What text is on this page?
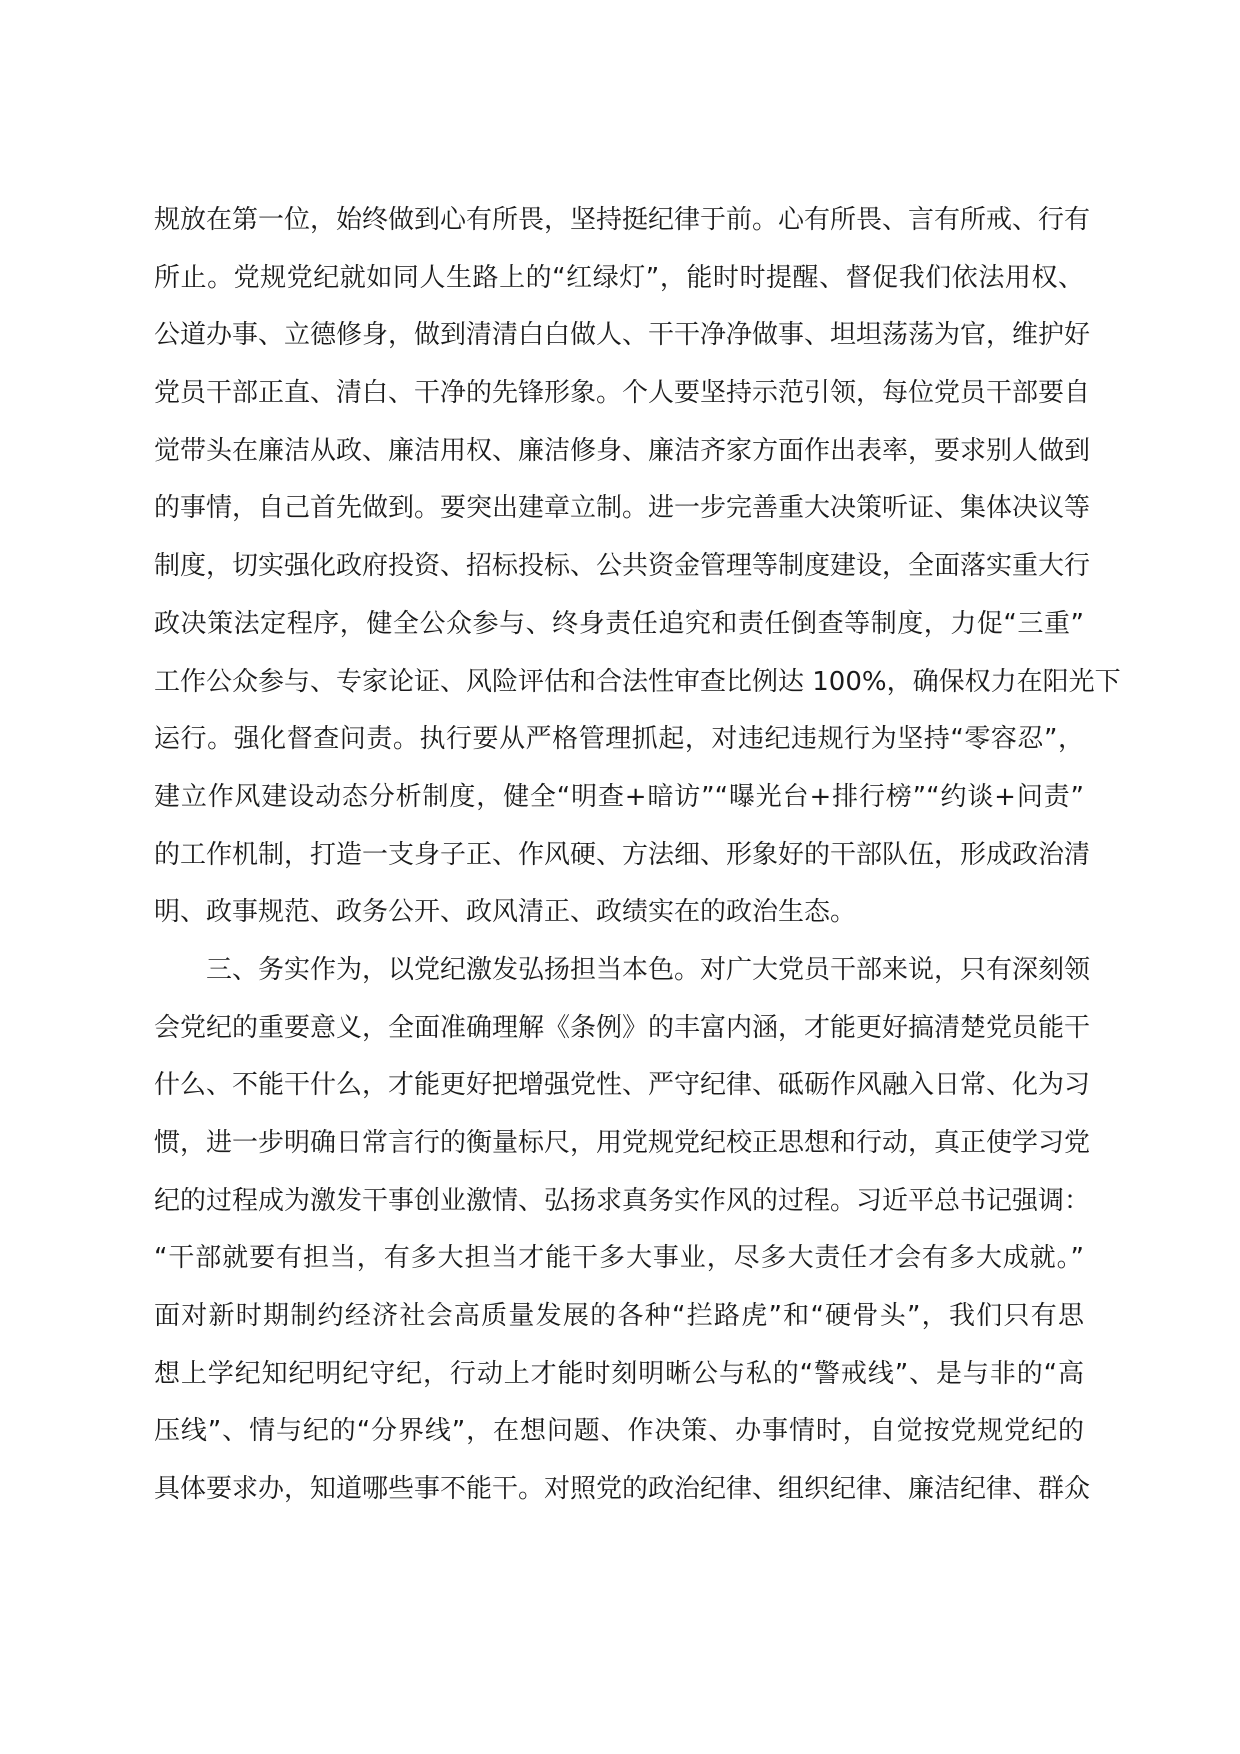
规放在第一位，始终做到心有所畏，坚持挺纪律于前。心有所畏、言有所戒、行有
所止。党规党纪就如同人生路上的“红绿灯”，能时时提醒、督促我们依法用权、
公道办事、立德修身，做到清清白白做人、干干净净做事、坦坦荡荡为官，维护好
党员干部正直、清白、干净的先锋形象。个人要坚持示范引领，每位党员干部要自
觉带头在廉洁从政、廉洁用权、廉洁修身、廉洁齐家方面作出表率，要求别人做到
的事情，自己首先做到。要突出建章立制。进一步完善重大决策听证、集体决议等
制度，切实强化政府投资、招标投标、公共资金管理等制度建设，全面落实重大行
政决策法定程序，健全公众参与、终身责任追究和责任倒查等制度，力促“三重”
工作公众参与、专家论证、风险评估和合法性审查比例达 100%，确保权力在阳光下
运行。强化督查问责。执行要从严格管理抓起，对违纪违规行为坚持“零容忍”，
建立作风建设动态分析制度，健全“明查+暗访”“曝光台+排行榜”“约谈+问责”
的工作机制，打造一支身子正、作风硬、方法细、形象好的干部队伍，形成政治清
明、政事规范、政务公开、政风清正、政绩实在的政治生态。
三、务实作为，以党纪激发弘扬担当本色。对广大党员干部来说，只有深刻领
会党纪的重要意义，全面准确理解《条例》的丰富内涵，才能更好搞清楚党员能干
什么、不能干什么，才能更好把增强党性、严守纪律、砥砺作风融入日常、化为习
惯，进一步明确日常言行的衡量标尺，用党规党纪校正思想和行动，真正使学习党
纪的过程成为激发干事创业激情、弘扬求真务实作风的过程。习近平总书记强调：
“干部就要有担当，有多大担当才能干多大事业，尽多大责任才会有多大成就。”
面对新时期制约经济社会高质量发展的各种“拦路虎”和“硬骨头”，我们只有思
想上学纪知纪明纪守纪，行动上才能时刻明晰公与私的“警戒线”、是与非的“高
压线”、情与纪的“分界线”，在想问题、作决策、办事情时，自觉按党规党纪的
具体要求办，知道哪些事不能干。对照党的政治纪律、组织纪律、廉洁纪律、群众
